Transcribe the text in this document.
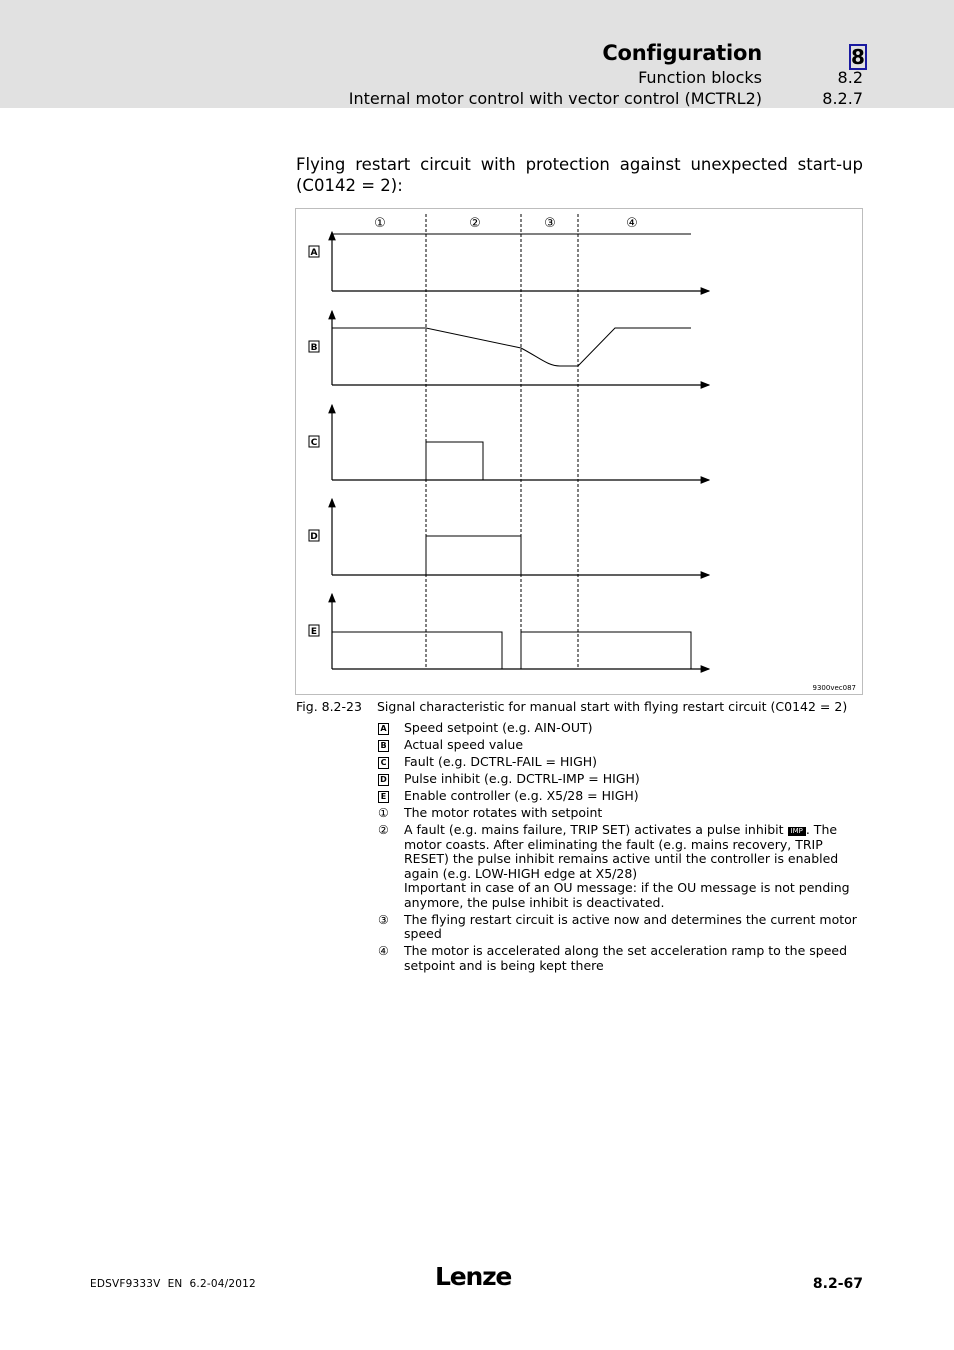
Configuration	8
Function blocks	8.2
Internal motor control with vector control (MCTRL2)	8.2.7
Flying restart circuit with protection against unexpected start-up (C0142 = 2):
①	②	③	④
A
B
C
D
E
9300vec087
Fig. 8.2-23 Signal characteristic for manual start with flying restart circuit (C0142 = 2)
A	Speed setpoint (e.g. AIN-OUT)
B	Actual speed value
C	Fault (e.g. DCTRL-FAIL = HIGH)
D	Pulse inhibit (e.g. DCTRL-IMP = HIGH)
E	Enable controller (e.g. X5/28 = HIGH)
①	The motor rotates with setpoint
②	A fault (e.g. mains failure, TRIP SET) activates a pulse inhibit IMP . The motor coasts. After eliminating the fault (e.g. mains recovery, TRIP RESET) the pulse inhibit remains active until the controller is enabled again (e.g. LOW-HIGH edge at X5/28)
Important in case of an OU message: if the OU message is not pending anymore, the pulse inhibit is deactivated.
③	The flying restart circuit is active now and determines the current motor speed
④	The motor is accelerated along the set acceleration ramp to the speed setpoint and is being kept there
EDSVF9333V  EN  6.2-04/2012	Lenze	8.2-67
